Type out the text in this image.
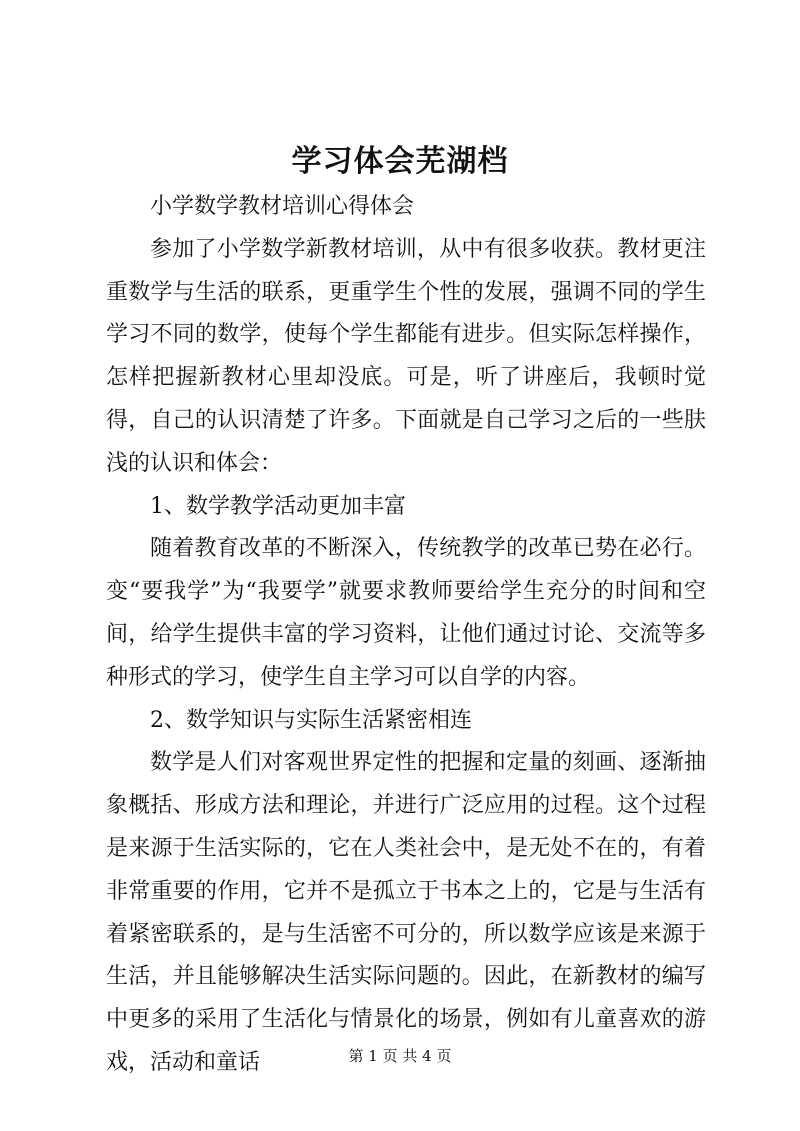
学习体会芜湖档

小学数学教材培训心得体会

参加了小学数学新教材培训，从中有很多收获。教材更注重数学与生活的联系，更重学生个性的发展，强调不同的学生学习不同的数学，使每个学生都能有进步。但实际怎样操作，怎样把握新教材心里却没底。可是，听了讲座后，我顿时觉得，自己的认识清楚了许多。下面就是自己学习之后的一些肤浅的认识和体会：

1、数学教学活动更加丰富

随着教育改革的不断深入，传统教学的改革已势在必行。变“要我学”为“我要学”就要求教师要给学生充分的时间和空间，给学生提供丰富的学习资料，让他们通过讨论、交流等多种形式的学习，使学生自主学习可以自学的内容。

2、数学知识与实际生活紧密相连

数学是人们对客观世界定性的把握和定量的刻画、逐渐抽象概括、形成方法和理论，并进行广泛应用的过程。这个过程是来源于生活实际的，它在人类社会中，是无处不在的，有着非常重要的作用，它并不是孤立于书本之上的，它是与生活有着紧密联系的，是与生活密不可分的，所以数学应该是来源于生活，并且能够解决生活实际问题的。因此，在新教材的编写中更多的采用了生活化与情景化的场景，例如有儿童喜欢的游戏，活动和童话	第 1 页 共 4 页
